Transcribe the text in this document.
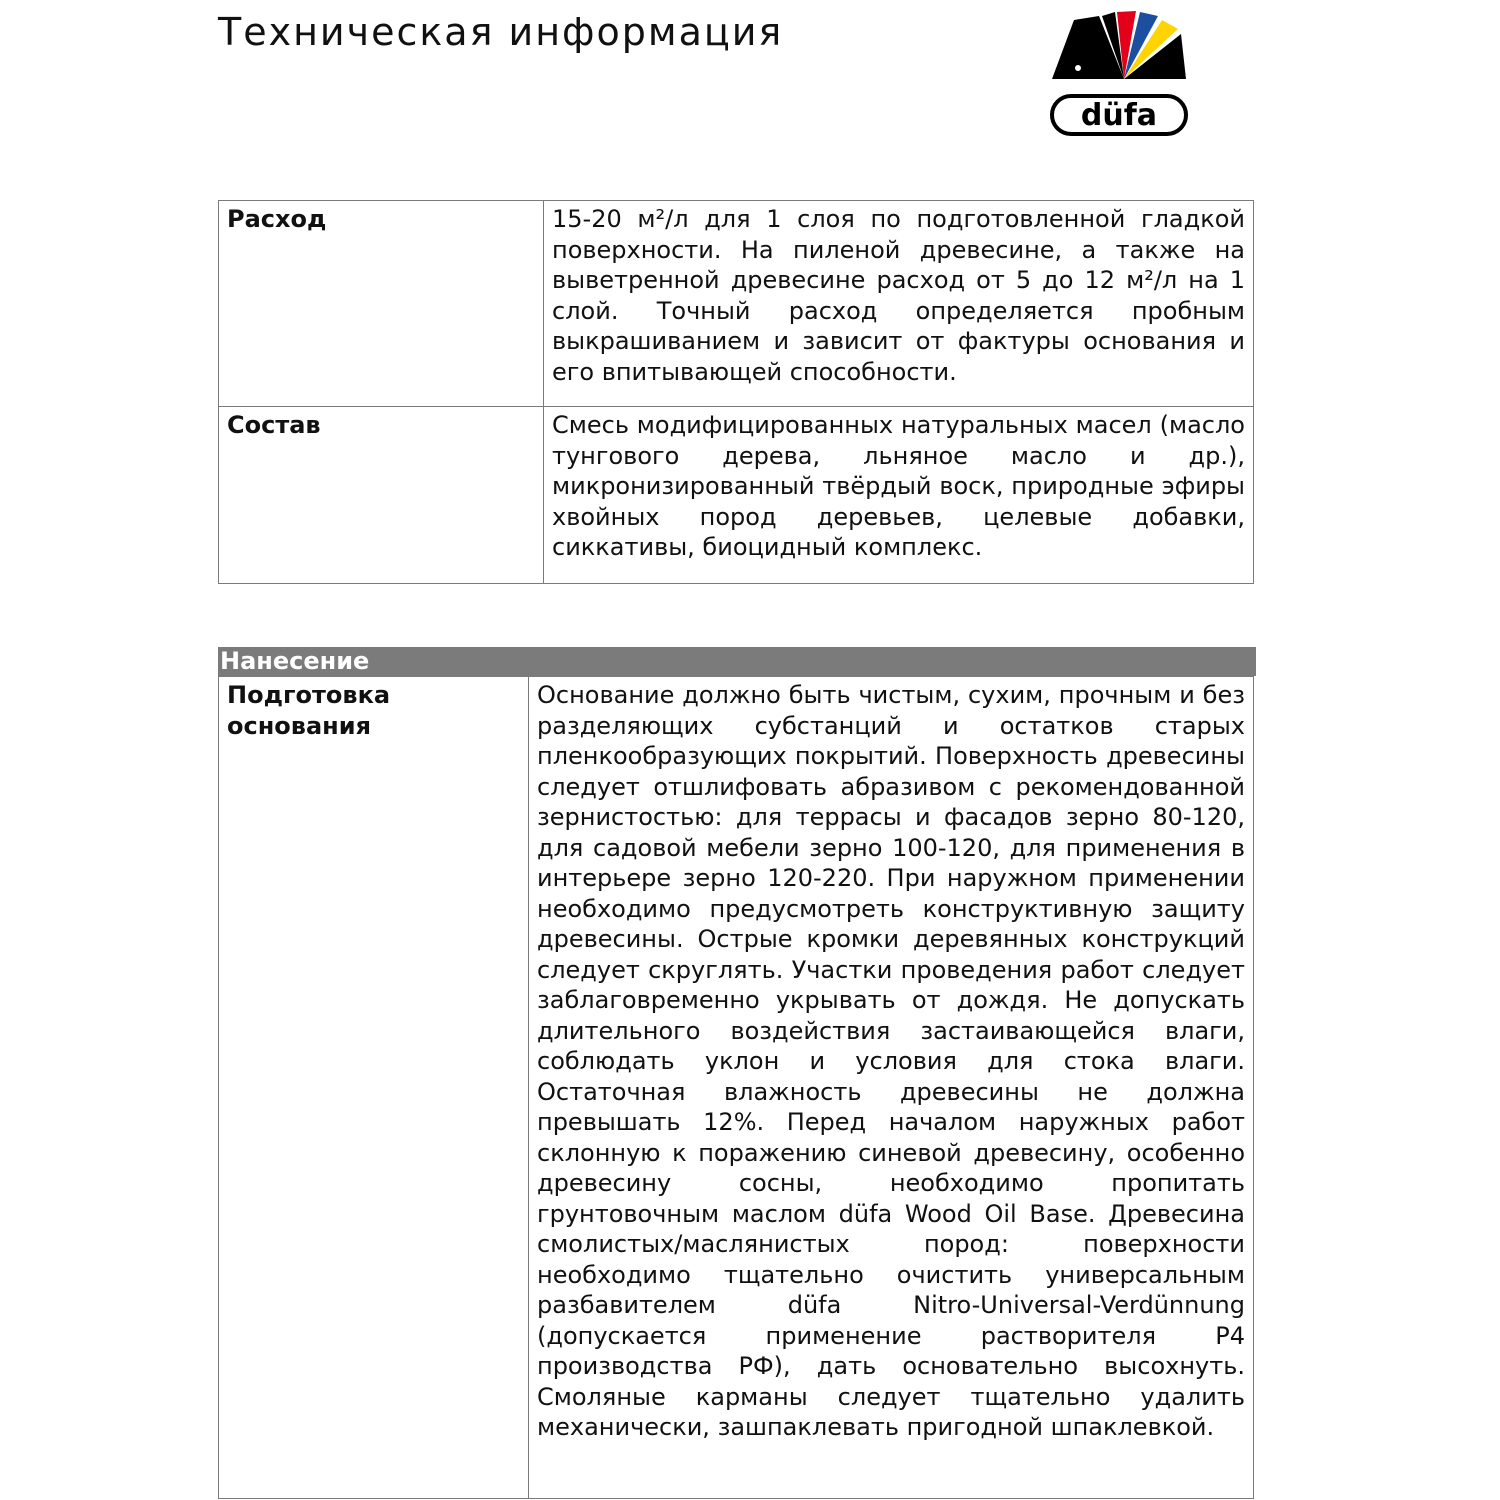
Техническая информация
düfa
Расход	15-20 м²/л для 1 слоя по подготовленной гладкой поверхности. На пиленой древесине, а также на выветренной древесине расход от 5 до 12 м²/л на 1 слой. Точный расход определяется пробным выкрашиванием и зависит от фактуры основания и его впитывающей способности.
Состав	Смесь модифицированных натуральных масел (масло тунгового дерева, льняное масло и др.), микронизированный твёрдый воск, природные эфиры хвойных пород деревьев, целевые добавки, сиккативы, биоцидный комплекс.
Нанесение
Подготовка основания	Основание должно быть чистым, сухим, прочным и без разделяющих субстанций и остатков старых пленкообразующих покрытий. Поверхность древесины следует отшлифовать абразивом с рекомендованной зернистостью: для террасы и фасадов зерно 80-120, для садовой мебели зерно 100-120, для применения в интерьере зерно 120-220. При наружном применении необходимо предусмотреть конструктивную защиту древесины. Острые кромки деревянных конструкций следует скруглять. Участки проведения работ следует заблаговременно укрывать от дождя. Не допускать длительного воздействия застаивающейся влаги, соблюдать уклон и условия для стока влаги. Остаточная влажность древесины не должна превышать 12%. Перед началом наружных работ склонную к поражению синевой древесину, особенно древесину сосны, необходимо пропитать грунтовочным маслом düfa Wood Oil Base. Древесина смолистых/маслянистых пород: поверхности необходимо тщательно очистить универсальным разбавителем düfa Nitro-Universal-Verdünnung (допускается применение растворителя Р4 производства РФ), дать основательно высохнуть. Смоляные карманы следует тщательно удалить механически, зашпаклевать пригодной шпаклевкой.
